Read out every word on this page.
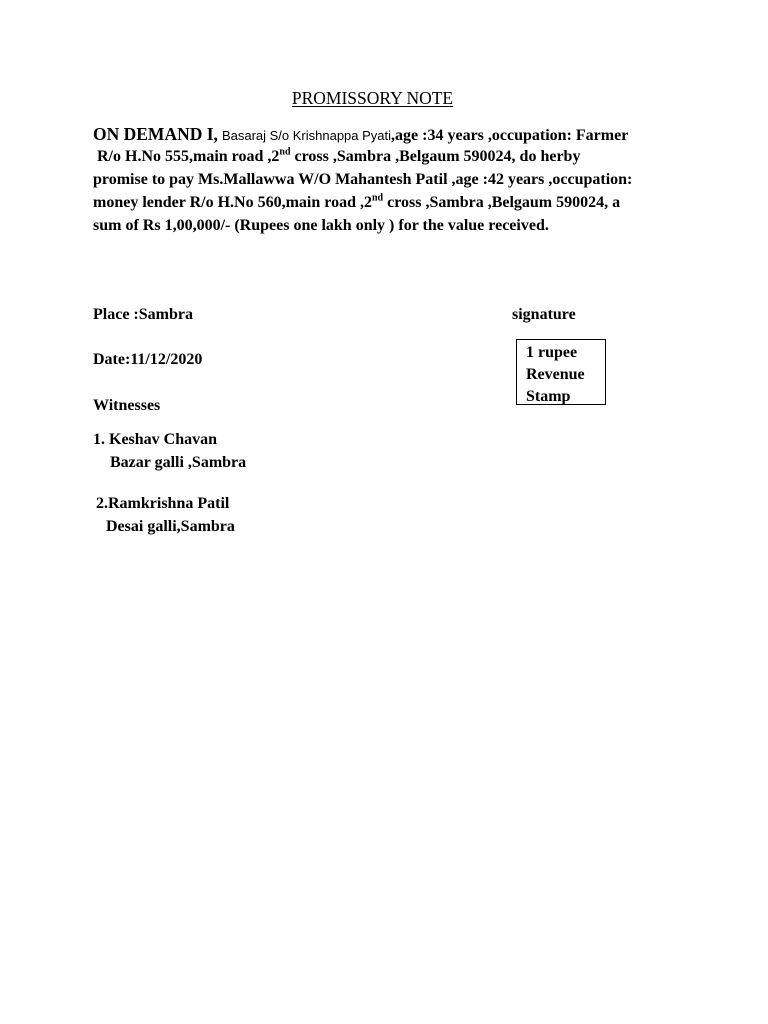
PROMISSORY NOTE

ON DEMAND I, Basaraj S/o Krishnappa Pyati,age :34 years ,occupation: Farmer

R/o H.No 555,main road ,2nd cross ,Sambra ,Belgaum 590024, do herby

promise to pay Ms.Mallawwa W/O Mahantesh Patil ,age :42 years ,occupation:

money lender R/o H.No 560,main road ,2nd cross ,Sambra ,Belgaum 590024, a

sum of Rs 1,00,000/- (Rupees one lakh only ) for the value received.

Place :Sambra	signature

Date:11/12/2020	1 rupee
Revenue
Stamp

Witnesses

1. Keshav Chavan

Bazar galli ,Sambra

2.Ramkrishna Patil

Desai galli,Sambra
